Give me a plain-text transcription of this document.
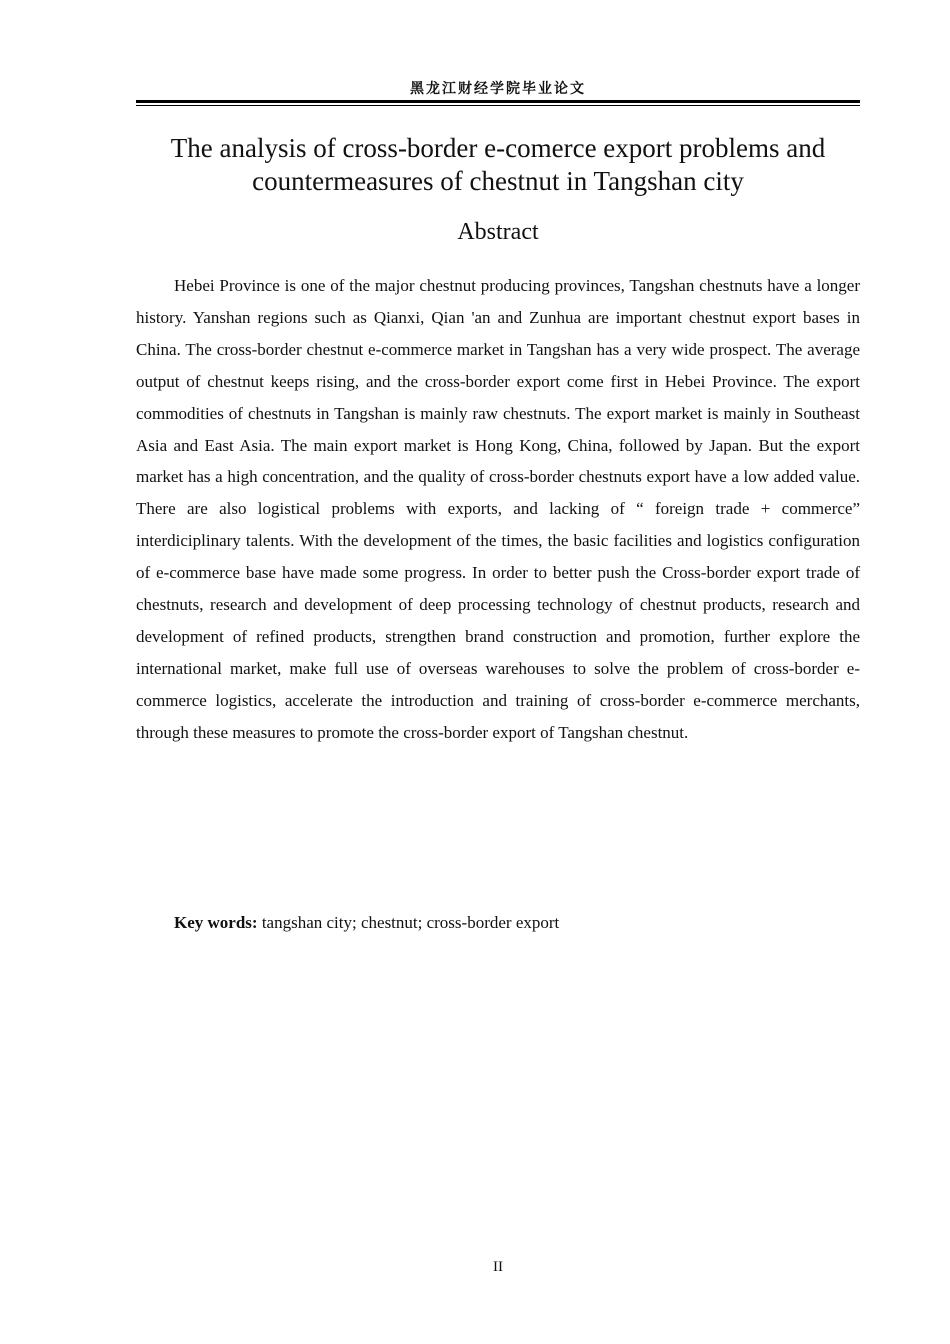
黑龙江财经学院毕业论文
The analysis of cross-border e-comerce export problems and countermeasures of chestnut in Tangshan city
Abstract

Hebei Province is one of the major chestnut producing provinces, Tangshan chestnuts have a longer history. Yanshan regions such as Qianxi, Qian 'an and Zunhua are important chestnut export bases in China. The cross-border chestnut e-commerce market in Tangshan has a very wide prospect. The average output of chestnut keeps rising, and the cross-border export come first in Hebei Province. The export commodities of chestnuts in Tangshan is mainly raw chestnuts. The export market is mainly in Southeast Asia and East Asia. The main export market is Hong Kong, China, followed by Japan. But the export market has a high concentration, and the quality of cross-border chestnuts export have a low added value. There are also logistical problems with exports, and lacking of “ foreign trade + commerce” interdiciplinary talents. With the development of the times, the basic facilities and logistics configuration of e-commerce base have made some progress. In order to better push the Cross-border export trade of chestnuts, research and development of deep processing technology of chestnut products, research and development of refined products, strengthen brand construction and promotion, further explore the international market, make full use of overseas warehouses to solve the problem of cross-border e-commerce logistics, accelerate the introduction and training of cross-border e-commerce merchants, through these measures to promote the cross-border export of Tangshan chestnut.

Key words: tangshan city; chestnut; cross-border export

II
